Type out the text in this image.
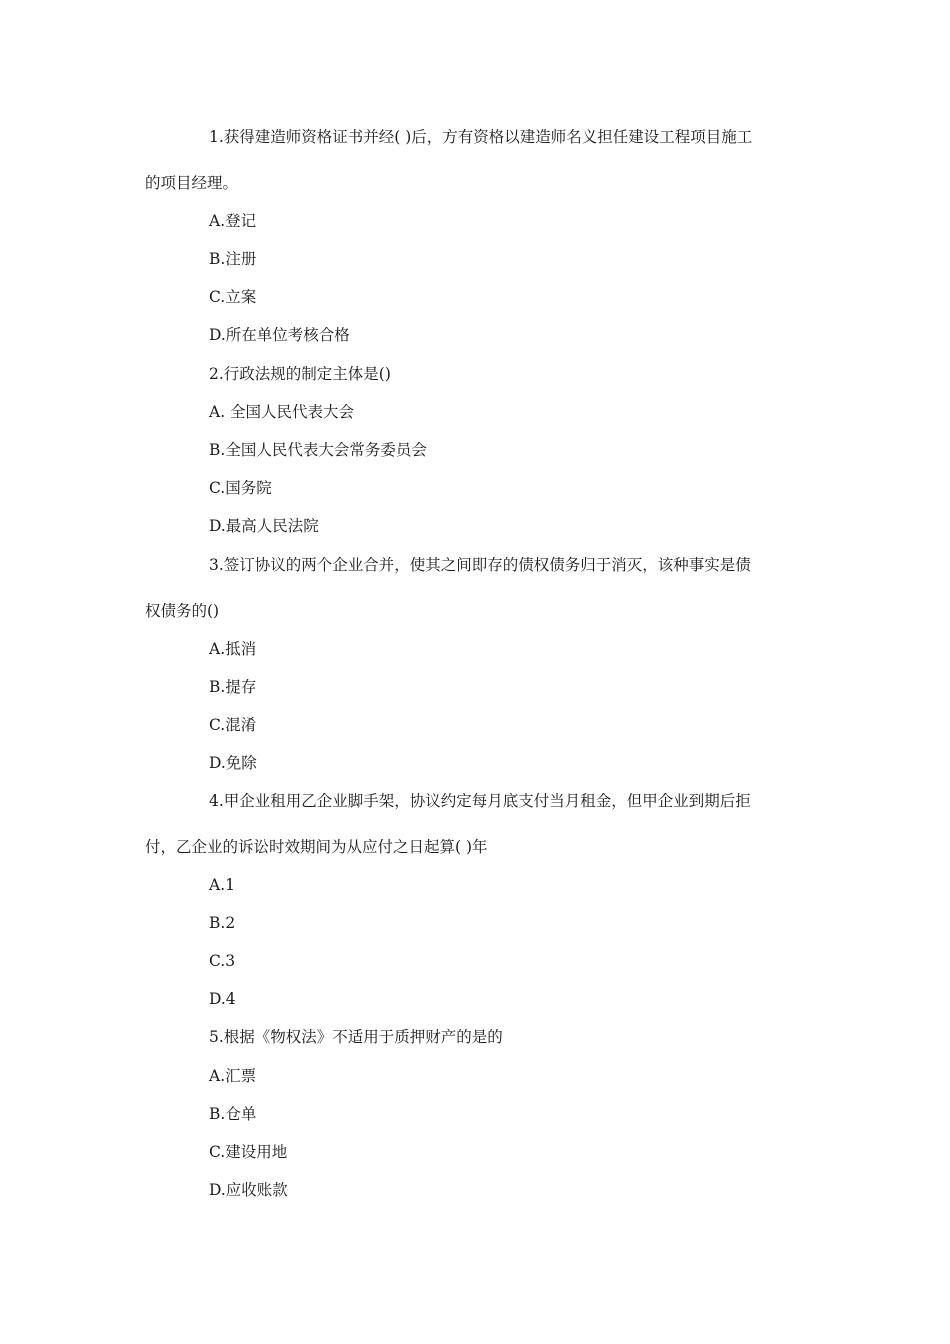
1.获得建造师资格证书并经( )后，方有资格以建造师名义担任建设工程项目施工
的项目经理。
A.登记
B.注册
C.立案
D.所在单位考核合格
2.行政法规的制定主体是()
A. 全国人民代表大会
B.全国人民代表大会常务委员会
C.国务院
D.最高人民法院
3.签订协议的两个企业合并，使其之间即存的债权债务归于消灭，该种事实是债
权债务的()
A.抵消
B.提存
C.混淆
D.免除
4.甲企业租用乙企业脚手架，协议约定每月底支付当月租金，但甲企业到期后拒
付，乙企业的诉讼时效期间为从应付之日起算( )年
A.1
B.2
C.3
D.4
5.根据《物权法》不适用于质押财产的是的
A.汇票
B.仓单
C.建设用地
D.应收账款
